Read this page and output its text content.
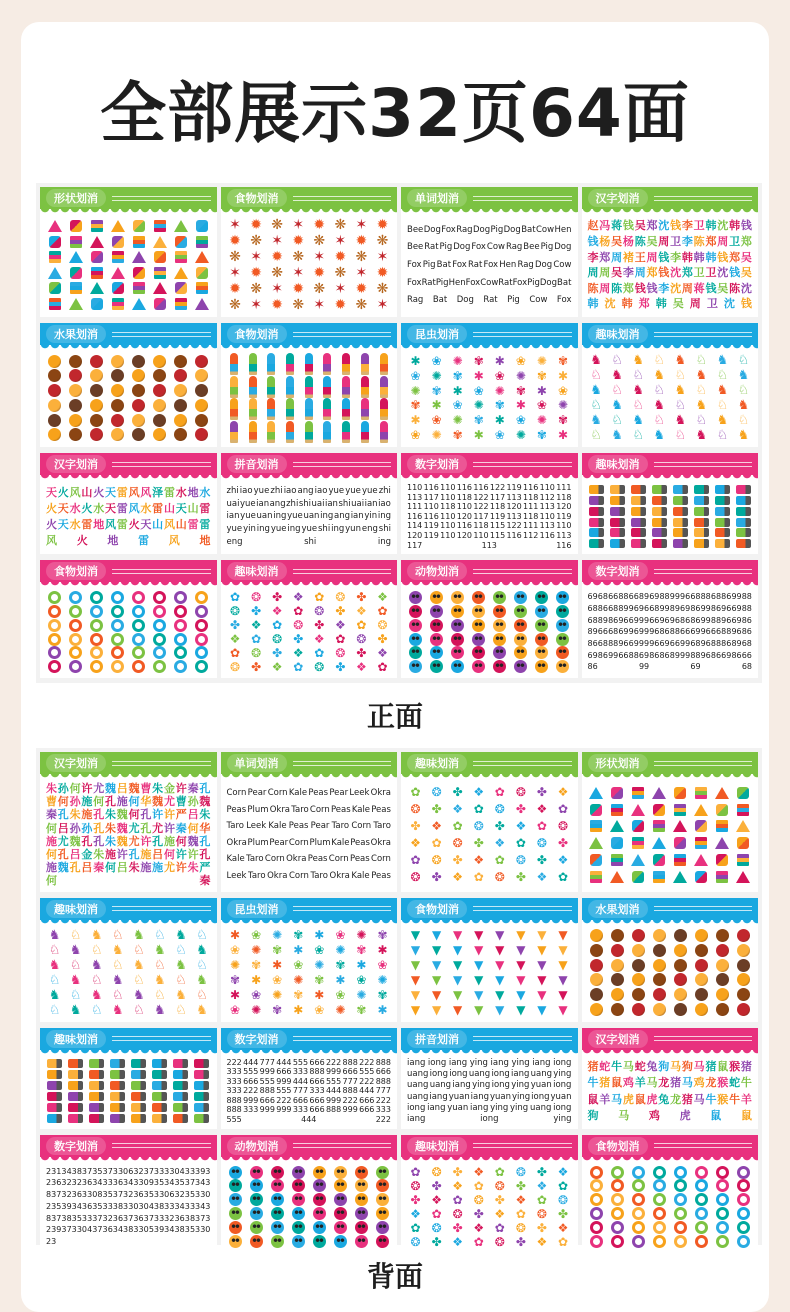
全部展示32页64面
形状划消	食物划消
✶ ✹ ❋ ✶ ✹ ❋ ✶ ✹
✹ ❋ ✶ ✹ ❋ ✶ ✹ ❋
❋ ✶ ✹ ❋ ✶ ✹ ❋ ✶
✶ ✹ ❋ ✶ ✹ ❋ ✶ ✹
✹ ❋ ✶ ✹ ❋ ✶ ✹ ❋
❋ ✶ ✹ ❋ ✶ ✹ ❋ ✶
单词划消
Bee Dog Fox Rag Dog Pig Dog Bat Cow Hen
Bee Rat Pig Dog Fox Cow Rag Bee Pig Dog
Fox Pig Bat Fox Rat Fox Hen Rag Dog Cow
Fox Rat Pig Hen Fox Cow Rat Fox Pig Dog Bat
Rag Bat Dog Rat Pig Cow Fox
汉字划消
赵 冯 蒋 钱 吴 郑 沈 钱 李 卫 韩 沈 韩 钱
钱 杨 吴 杨 陈 吴 周 卫 李 陈 郑 周 卫 郑
李 郑 周 褚 王 周 钱 李 韩 韩 韩 钱 郑 吴
周 周 吴 李 周 郑 钱 沈 郑 卫 卫 沈 钱 吴
陈 周 陈 郑 钱 钱 李 沈 周 蒋 钱 吴 陈 沈
韩 沈 韩 郑 韩 吴 周 卫 沈 钱
水果划消	食物划消	昆虫划消
✱ ❀ ✺ ✾ ✱ ❀ ✺ ✾
❀ ✺ ✾ ✱ ❀ ✺ ✾ ✱
✺ ✾ ✱ ❀ ✺ ✾ ✱ ❀
✾ ✱ ❀ ✺ ✾ ✱ ❀ ✺
✱ ❀ ✺ ✾ ✱ ❀ ✺ ✾
❀ ✺ ✾ ✱ ❀ ✺ ✾ ✱
趣味划消
♞ ♘ ♞ ♘ ♞ ♘ ♞ ♘
♘ ♞ ♘ ♞ ♘ ♞ ♘ ♞
♞ ♘ ♞ ♘ ♞ ♘ ♞ ♘
♘ ♞ ♘ ♞ ♘ ♞ ♘ ♞
♞ ♘ ♞ ♘ ♞ ♘ ♞ ♘
♘ ♞ ♘ ♞ ♘ ♞ ♘ ♞
汉字划消
天 火 风 山 火 天 雷 风 风 泽 雷 水 地 水
火 天 水 火 水 天 雷 风 水 雷 山 天 山 雷
火 天 水 雷 地 风 雷 火 天 山 风 山 雷 雷
风 火 地 雷 风 地
拼音划消
zhi iao yue zhi iao ang iao yue yue yue zhi
uai yue ian ang zhi shi uai ian shi uai ian iao
ian yue uan ing yue uan ing ang ian yin ing
yue yin ing yue ing yue shi ing yun eng shi
eng	shi	ing
数字划消
110 116 110 116 116 122 119 116 110 111
113 117 110 118 122 117 113 118 112 118
111 110 118 110 122 118 120 111 113 120
116 116 110 120 117 119 113 118 110 119
114 119 110 116 118 115 122 111 113 110
120 119 110 120 110 115 116 112 116 113
117	113	116
趣味划消
食物划消	趣味划消
✿ ❂ ✤ ❖ ✿ ❂ ✤ ❖
❂ ✤ ❖ ✿ ❂ ✤ ❖ ✿
✤ ❖ ✿ ❂ ✤ ❖ ✿ ❂
❖ ✿ ❂ ✤ ❖ ✿ ❂ ✤
✿ ❂ ✤ ❖ ✿ ❂ ✤ ❖
❂ ✤ ❖ ✿ ❂ ✤ ❖ ✿
动物划消	数字划消
69 68 66 88 66 89 69 88 99 96 68 88 68 86 99 88
68 86 68 89 96 96 68 99 89 69 86 99 86 96 69 88
68 89 86 96 69 99 66 96 96 86 86 99 88 96 69 86
89 66 68 69 96 99 96 86 88 66 69 96 66 88 96 86
86 68 88 96 69 99 96 69 66 99 68 96 88 86 89 68
69 86 99 66 88 69 86 86 89 99 88 96 86 69 86 66
86	99	69	68
正面
汉字划消
朱 孙 何 许 尤 魏 吕 魏 曹 朱 金 许 秦 孔
曹 何 孙 施 何 孔 施 何 华 魏 尤 曹 孙 魏
秦 孔 朱 施 孔 朱 魏 何 孔 许 许 严 吕 朱
何 吕 孙 孙 孔 朱 魏 尤 孔 尤 许 秦 何 华
施 尤 魏 孔 孔 朱 魏 尤 许 孔 施 何 魏 孔
何 孔 吕 金 朱 施 许 孔 施 吕 何 许 许 孔
施 魏 孔 吕 秦 何 吕 朱 施 施 尤 许 朱 严
何	秦
单词划消
Corn Pear Corn Kale Peas Pear Leek Okra
Peas Plum Okra Taro Corn Peas Kale Peas
Taro Leek Kale Peas Pear Taro Corn Taro
Okra Plum Pear Corn Plum Kale Peas Okra
Kale Taro Corn Okra Peas Corn Peas Corn
Leek Taro Okra Corn Taro Okra Kale Peas
趣味划消
✿ ❂ ✤ ❖ ✿ ❂ ✤ ❖
❂ ✤ ❖ ✿ ❂ ✤ ❖ ✿
✤ ❖ ✿ ❂ ✤ ❖ ✿ ❂
❖ ✿ ❂ ✤ ❖ ✿ ❂ ✤
✿ ❂ ✤ ❖ ✿ ❂ ✤ ❖
❂ ✤ ❖ ✿ ❂ ✤ ❖ ✿
形状划消
趣味划消
♞ ♘ ♞ ♘ ♞ ♘ ♞ ♘
♘ ♞ ♘ ♞ ♘ ♞ ♘ ♞
♞ ♘ ♞ ♘ ♞ ♘ ♞ ♘
♘ ♞ ♘ ♞ ♘ ♞ ♘ ♞
♞ ♘ ♞ ♘ ♞ ♘ ♞ ♘
♘ ♞ ♘ ♞ ♘ ♞ ♘ ♞
昆虫划消
✱ ❀ ✺ ✾ ✱ ❀ ✺ ✾
❀ ✺ ✾ ✱ ❀ ✺ ✾ ✱
✺ ✾ ✱ ❀ ✺ ✾ ✱ ❀
✾ ✱ ❀ ✺ ✾ ✱ ❀ ✺
✱ ❀ ✺ ✾ ✱ ❀ ✺ ✾
❀ ✺ ✾ ✱ ❀ ✺ ✾ ✱
食物划消
▼ ▼ ▼ ▼ ▼ ▼ ▼ ▼
▼ ▼ ▼ ▼ ▼ ▼ ▼ ▼
▼ ▼ ▼ ▼ ▼ ▼ ▼ ▼
▼ ▼ ▼ ▼ ▼ ▼ ▼ ▼
▼ ▼ ▼ ▼ ▼ ▼ ▼ ▼
▼ ▼ ▼ ▼ ▼ ▼ ▼ ▼
水果划消
趣味划消	数字划消
222 444 777 444 555 666 222 888 222 888
333 555 999 666 333 888 999 666 555 666
333 666 555 999 444 666 555 777 222 888
333 222 888 555 777 333 444 888 444 777
888 999 666 222 666 666 999 222 666 222
888 333 999 999 333 666 888 999 666 333
555	444	222
拼音划消
iang iong iang ying iang ying iang iong
uang iong iong uang iong iang uang ying
uang uang iang ying iong ying yuan iong
uang iang yuan iang yuan ying iong yuan
iong iang yuan iang ying ying uang iong
iang	iong	ying
汉字划消
猪 蛇 牛 马 蛇 兔 狗 马 狗 马 猪 鼠 猴 猪
牛 猪 鼠 鸡 羊 马 龙 猪 马 鸡 龙 猴 蛇 牛
鼠 羊 马 虎 鼠 虎 兔 龙 猪 马 牛 猴 牛 羊
狗 马 鸡 虎 鼠 鼠
数字划消
23 13 43 83 73 53 73 30 63 23 73 33 30 43 33 93
23 63 23 23 63 43 33 63 43 30 93 53 43 53 73 43
83 73 23 63 30 83 53 73 23 63 53 30 63 23 53 30
23 53 93 43 63 53 33 83 30 30 43 83 33 43 33 43
83 73 83 53 33 73 23 63 73 63 73 33 23 63 83 73
23 93 73 30 43 73 63 43 83 30 53 93 43 83 53 30
23
动物划消	趣味划消
✿ ❂ ✤ ❖ ✿ ❂ ✤ ❖
❂ ✤ ❖ ✿ ❂ ✤ ❖ ✿
✤ ❖ ✿ ❂ ✤ ❖ ✿ ❂
❖ ✿ ❂ ✤ ❖ ✿ ❂ ✤
✿ ❂ ✤ ❖ ✿ ❂ ✤ ❖
❂ ✤ ❖ ✿ ❂ ✤ ❖ ✿
食物划消
背面
